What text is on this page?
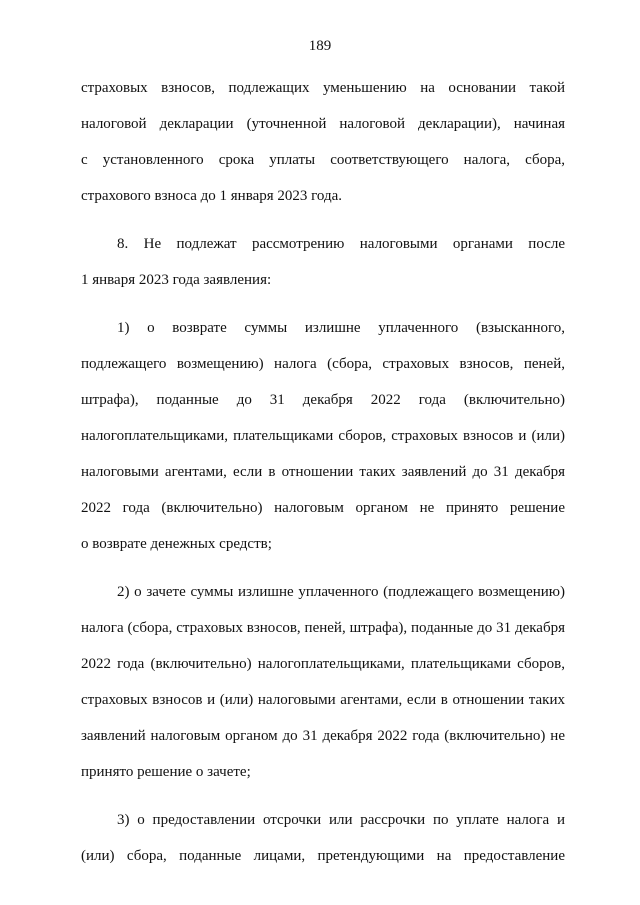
189
страховых взносов, подлежащих уменьшению на основании такой
налоговой декларации (уточненной налоговой декларации), начиная
с установленного срока уплаты соответствующего налога, сбора,
страхового взноса до 1 января 2023 года.
8. Не подлежат рассмотрению налоговыми органами после
1 января 2023 года заявления:
1) о возврате суммы излишне уплаченного (взысканного,
подлежащего возмещению) налога (сбора, страховых взносов, пеней,
штрафа), поданные до 31 декабря 2022 года (включительно)
налогоплательщиками, плательщиками сборов, страховых взносов и (или)
налоговыми агентами, если в отношении таких заявлений до 31 декабря
2022 года (включительно) налоговым органом не принято решение
о возврате денежных средств;
2) о зачете суммы излишне уплаченного (подлежащего возмещению)
налога (сбора, страховых взносов, пеней, штрафа), поданные до 31 декабря
2022 года (включительно) налогоплательщиками, плательщиками сборов,
страховых взносов и (или) налоговыми агентами, если в отношении таких
заявлений налоговым органом до 31 декабря 2022 года (включительно) не
принято решение о зачете;
3) о предоставлении отсрочки или рассрочки по уплате налога и
(или) сбора, поданные лицами, претендующими на предоставление
